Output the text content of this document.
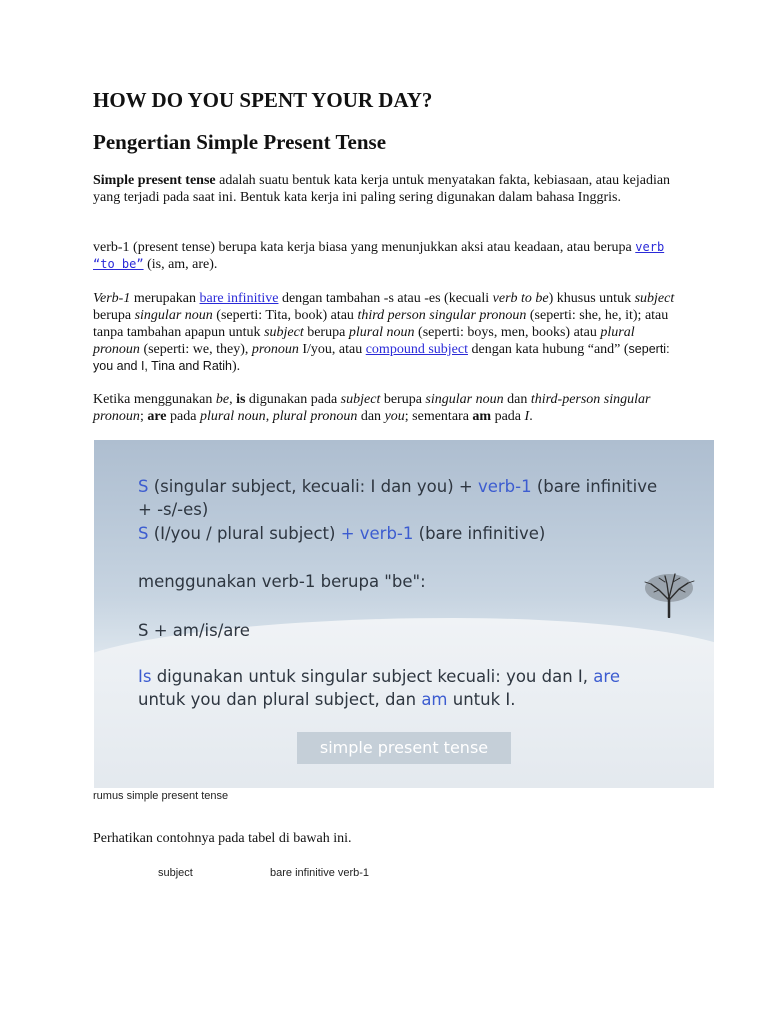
HOW DO YOU SPENT YOUR DAY?
Pengertian Simple Present Tense

Simple present tense adalah suatu bentuk kata kerja untuk menyatakan fakta, kebiasaan, atau kejadian yang terjadi pada saat ini. Bentuk kata kerja ini paling sering digunakan dalam bahasa Inggris.

verb-1 (present tense) berupa kata kerja biasa yang menunjukkan aksi atau keadaan, atau berupa verb “to be” (is, am, are).

Verb-1 merupakan bare infinitive dengan tambahan -s atau -es (kecuali verb to be) khusus untuk subject berupa singular noun (seperti: Tita, book) atau third person singular pronoun (seperti: she, he, it); atau tanpa tambahan apapun untuk subject berupa plural noun (seperti: boys, men, books) atau plural pronoun (seperti: we, they), pronoun I/you, atau compound subject dengan kata hubung “and” (seperti: you and I, Tina and Ratih).

Ketika menggunakan be, is digunakan pada subject berupa singular noun dan third-person singular pronoun; are pada plural noun, plural pronoun dan you; sementara am pada I.

Perhatikan contohnya pada tabel di bawah ini.

S (singular subject, kecuali: I dan you) + verb-1 (bare infinitive
+ -s/-es)
S (I/you / plural subject) + verb-1 (bare infinitive)
menggunakan verb-1 berupa "be":
S + am/is/are
Is digunakan untuk singular subject kecuali: you dan I, are
untuk you dan plural subject, dan am untuk I.
simple present tense
rumus simple present tense
subject	bare infinitive verb-1
